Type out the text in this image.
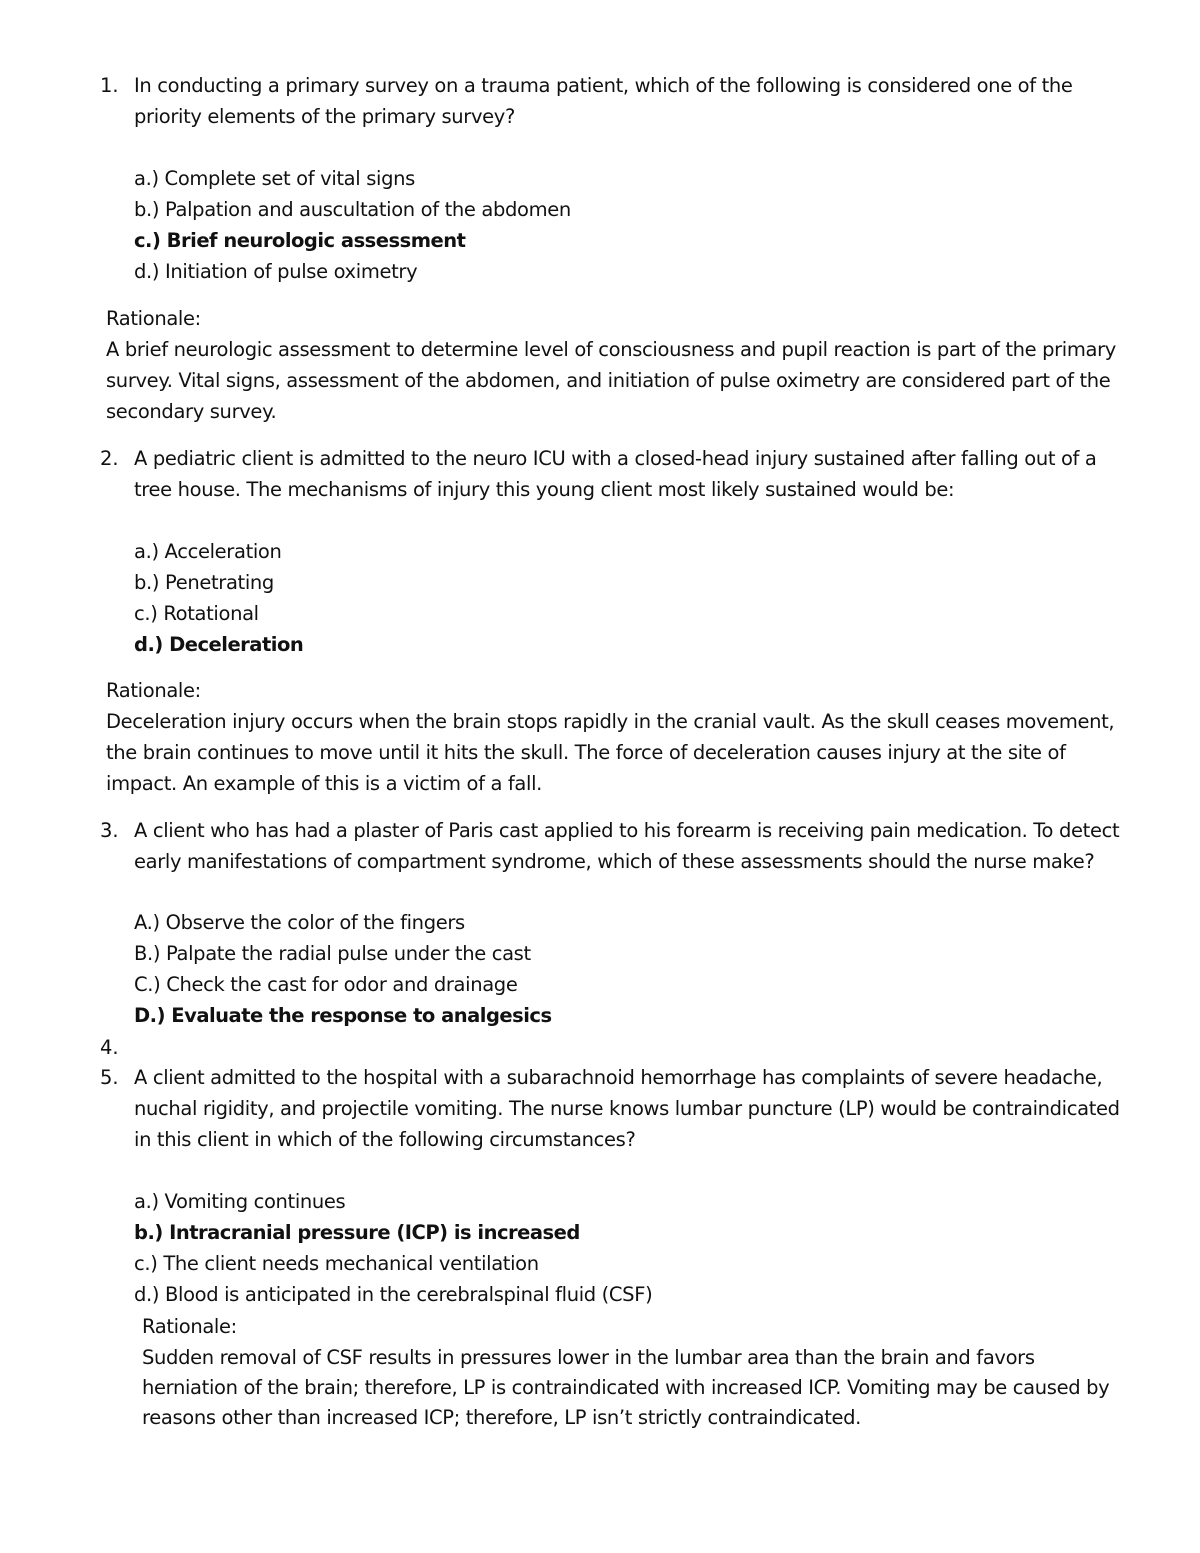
1. In conducting a primary survey on a trauma patient, which of the following is considered one of the
priority elements of the primary survey?
a.) Complete set of vital signs
b.) Palpation and auscultation of the abdomen
c.) Brief neurologic assessment
d.) Initiation of pulse oximetry
Rationale:
A brief neurologic assessment to determine level of consciousness and pupil reaction is part of the primary
survey. Vital signs, assessment of the abdomen, and initiation of pulse oximetry are considered part of the
secondary survey.
2. A pediatric client is admitted to the neuro ICU with a closed-head injury sustained after falling out of a
tree house. The mechanisms of injury this young client most likely sustained would be:
a.) Acceleration
b.) Penetrating
c.) Rotational
d.) Deceleration
Rationale:
Deceleration injury occurs when the brain stops rapidly in the cranial vault. As the skull ceases movement,
the brain continues to move until it hits the skull. The force of deceleration causes injury at the site of
impact. An example of this is a victim of a fall.
3. A client who has had a plaster of Paris cast applied to his forearm is receiving pain medication. To detect
early manifestations of compartment syndrome, which of these assessments should the nurse make?
A.) Observe the color of the fingers
B.) Palpate the radial pulse under the cast
C.) Check the cast for odor and drainage
D.) Evaluate the response to analgesics
4.
5. A client admitted to the hospital with a subarachnoid hemorrhage has complaints of severe headache,
nuchal rigidity, and projectile vomiting. The nurse knows lumbar puncture (LP) would be contraindicated
in this client in which of the following circumstances?
a.) Vomiting continues
b.) Intracranial pressure (ICP) is increased
c.) The client needs mechanical ventilation
d.) Blood is anticipated in the cerebralspinal fluid (CSF)
Rationale:
Sudden removal of CSF results in pressures lower in the lumbar area than the brain and favors
herniation of the brain; therefore, LP is contraindicated with increased ICP. Vomiting may be caused by
reasons other than increased ICP; therefore, LP isn’t strictly contraindicated.
